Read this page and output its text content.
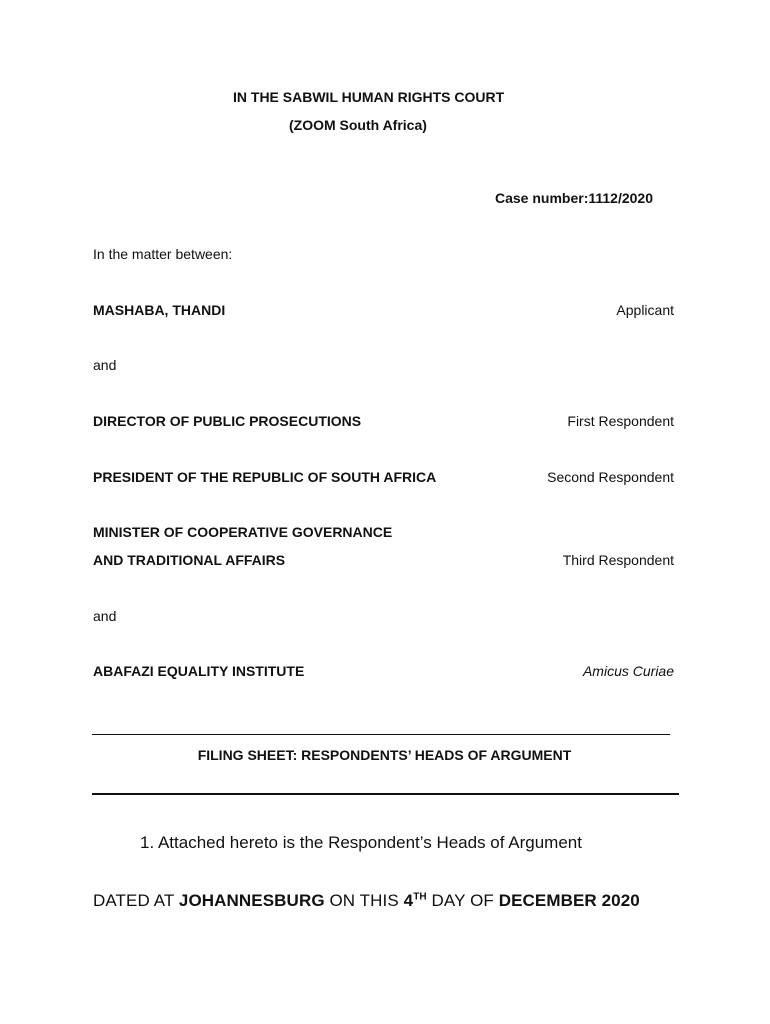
IN THE SABWIL HUMAN RIGHTS COURT
(ZOOM South Africa)
Case number:1112/2020
In the matter between:
MASHABA, THANDI	Applicant
and
DIRECTOR OF PUBLIC PROSECUTIONS	First Respondent
PRESIDENT OF THE REPUBLIC OF SOUTH AFRICA	Second Respondent
MINISTER OF COOPERATIVE GOVERNANCE
AND TRADITIONAL AFFAIRS	Third Respondent
and
ABAFAZI EQUALITY INSTITUTE	Amicus Curiae
FILING SHEET: RESPONDENTS’ HEADS OF ARGUMENT
1. Attached hereto is the Respondent’s Heads of Argument
DATED AT JOHANNESBURG ON THIS 4TH DAY OF DECEMBER 2020
